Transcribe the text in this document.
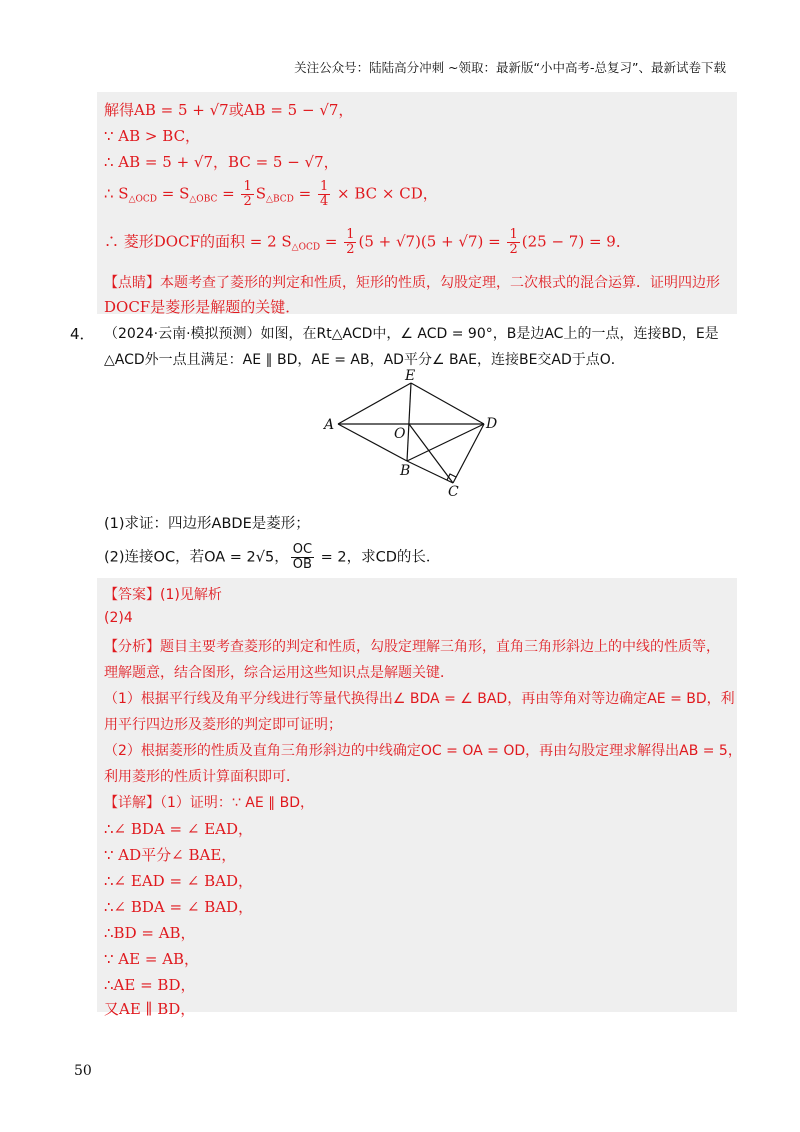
关注公众号：陆陆高分冲刺 ~领取：最新版“小中高考-总复习”、最新试卷下载
解得AB = 5 + √7或AB = 5 − √7，
∵ AB > BC，
∴ AB = 5 + √7，BC = 5 − √7，
∴ $S_{\triangle OCD} = S_{\triangle OBC} = \frac{1}{2} S_{\triangle BCD} = \frac{1}{4}$ × BC × CD，
∴ 菱形DOCF的面积 = 2 $S_{\triangle OCD} = \frac{1}{2} (5 + √7)(5 + √7) = \frac{1}{2} (25 - 7) = 9$．
【点睛】本题考查了菱形的判定和性质，矩形的性质，勾股定理，二次根式的混合运算．证明四边形
DOCF是菱形是解题的关键．
4． （2024·云南·模拟预测）如图，在Rt△ACD中，∠ ACD = 90°，B是边AC上的一点，连接BD，E是
△ACD外一点且满足：AE ∥ BD，AE = AB，AD平分∠ BAE，连接BE交AD于点O．
E
A
O
D
B
C
(1)求证：四边形ABDE是菱形；
(2)连接OC，若OA = 2√5， $\frac{OC}{OB} = 2$，求CD的长．
【答案】(1)见解析
(2)4
【分析】题目主要考查菱形的判定和性质，勾股定理解三角形，直角三角形斜边上的中线的性质等，
理解题意，结合图形，综合运用这些知识点是解题关键．
（1）根据平行线及角平分线进行等量代换得出∠ BDA = ∠ BAD，再由等角对等边确定AE = BD，利
用平行四边形及菱形的判定即可证明；
（2）根据菱形的性质及直角三角形斜边的中线确定OC = OA = OD，再由勾股定理求解得出AB = 5，
利用菱形的性质计算面积即可．
【详解】（1）证明：∵ AE ∥ BD，
∴∠ BDA = ∠ EAD，
∵ AD平分∠ BAE，
∴∠ EAD = ∠ BAD，
∴∠ BDA = ∠ BAD，
∴BD = AB，
∵ AE = AB，
∴AE = BD，
又AE ∥ BD，
50
